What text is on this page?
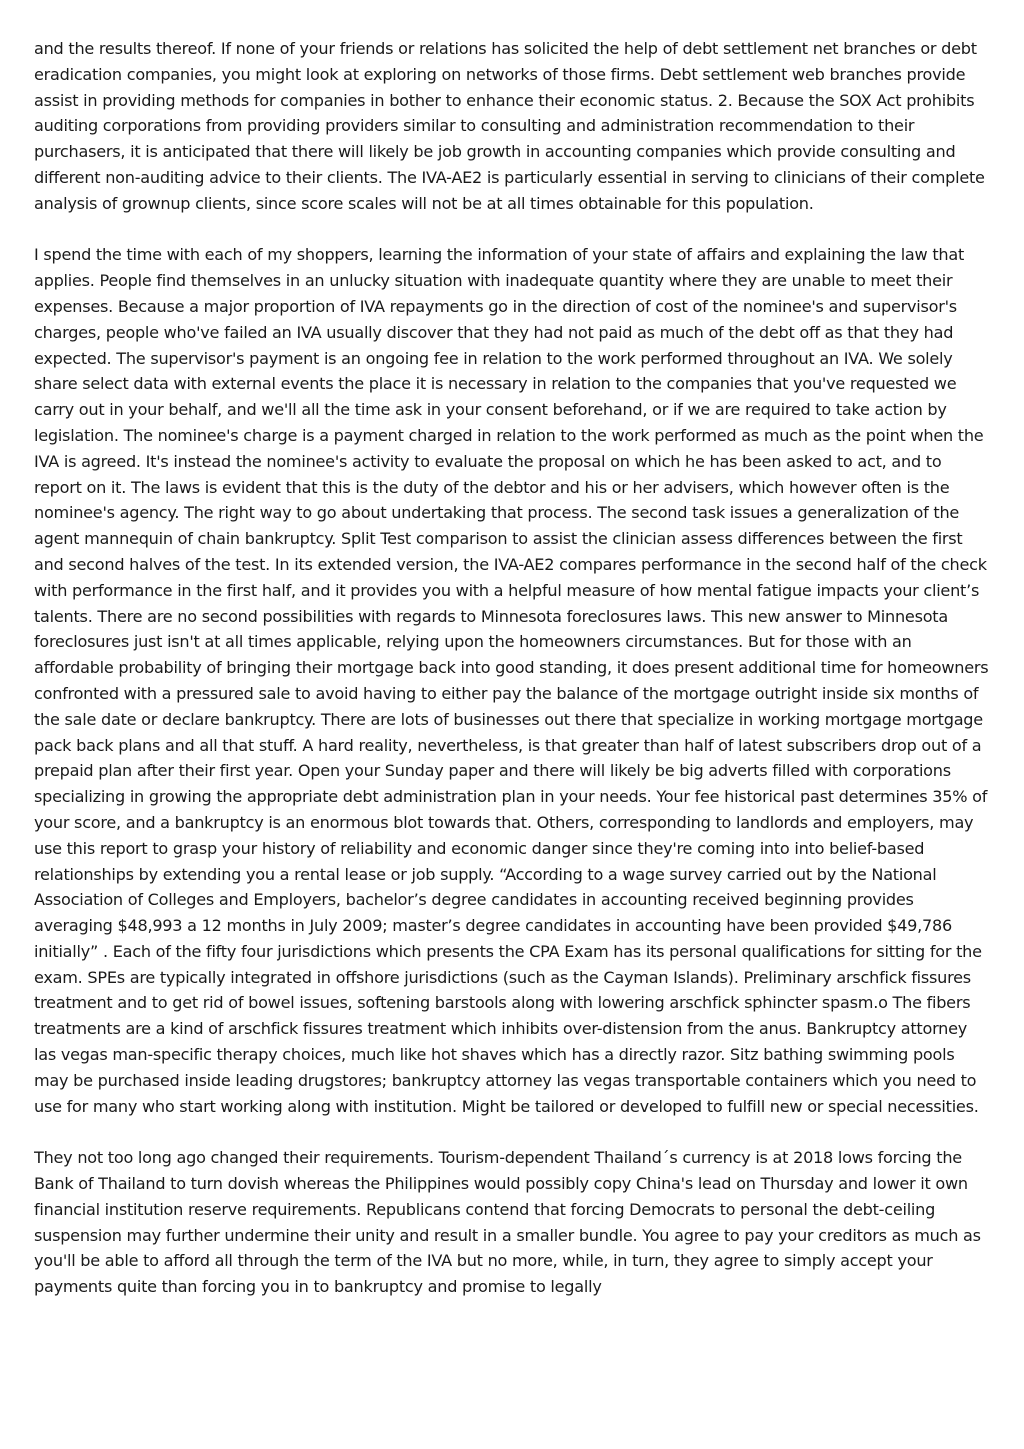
and the results thereof. If none of your friends or relations has solicited the help of debt settlement net branches or debt eradication companies, you might look at exploring on networks of those firms. Debt settlement web branches provide assist in providing methods for companies in bother to enhance their economic status. 2. Because the SOX Act prohibits auditing corporations from providing providers similar to consulting and administration recommendation to their purchasers, it is anticipated that there will likely be job growth in accounting companies which provide consulting and different non-auditing advice to their clients. The IVA-AE2 is particularly essential in serving to clinicians of their complete analysis of grownup clients, since score scales will not be at all times obtainable for this population.

I spend the time with each of my shoppers, learning the information of your state of affairs and explaining the law that applies. People find themselves in an unlucky situation with inadequate quantity where they are unable to meet their expenses. Because a major proportion of IVA repayments go in the direction of cost of the nominee's and supervisor's charges, people who've failed an IVA usually discover that they had not paid as much of the debt off as that they had expected. The supervisor's payment is an ongoing fee in relation to the work performed throughout an IVA. We solely share select data with external events the place it is necessary in relation to the companies that you've requested we carry out in your behalf, and we'll all the time ask in your consent beforehand, or if we are required to take action by legislation. The nominee's charge is a payment charged in relation to the work performed as much as the point when the IVA is agreed. It's instead the nominee's activity to evaluate the proposal on which he has been asked to act, and to report on it. The laws is evident that this is the duty of the debtor and his or her advisers, which however often is the nominee's agency. The right way to go about undertaking that process. The second task issues a generalization of the agent mannequin of chain bankruptcy. Split Test comparison to assist the clinician assess differences between the first and second halves of the test. In its extended version, the IVA-AE2 compares performance in the second half of the check with performance in the first half, and it provides you with a helpful measure of how mental fatigue impacts your client’s talents. There are no second possibilities with regards to Minnesota foreclosures laws. This new answer to Minnesota foreclosures just isn't at all times applicable, relying upon the homeowners circumstances. But for those with an affordable probability of bringing their mortgage back into good standing, it does present additional time for homeowners confronted with a pressured sale to avoid having to either pay the balance of the mortgage outright inside six months of the sale date or declare bankruptcy. There are lots of businesses out there that specialize in working mortgage mortgage pack back plans and all that stuff. A hard reality, nevertheless, is that greater than half of latest subscribers drop out of a prepaid plan after their first year. Open your Sunday paper and there will likely be big adverts filled with corporations specializing in growing the appropriate debt administration plan in your needs. Your fee historical past determines 35% of your score, and a bankruptcy is an enormous blot towards that. Others, corresponding to landlords and employers, may use this report to grasp your history of reliability and economic danger since they're coming into into belief-based relationships by extending you a rental lease or job supply. “According to a wage survey carried out by the National Association of Colleges and Employers, bachelor’s degree candidates in accounting received beginning provides averaging $48,993 a 12 months in July 2009; master’s degree candidates in accounting have been provided $49,786 initially” . Each of the fifty four jurisdictions which presents the CPA Exam has its personal qualifications for sitting for the exam. SPEs are typically integrated in offshore jurisdictions (such as the Cayman Islands). Preliminary arschfick fissures treatment and to get rid of bowel issues, softening barstools along with lowering arschfick sphincter spasm.o The fibers treatments are a kind of arschfick fissures treatment which inhibits over-distension from the anus. Bankruptcy attorney las vegas man-specific therapy choices, much like hot shaves which has a directly razor. Sitz bathing swimming pools may be purchased inside leading drugstores; bankruptcy attorney las vegas transportable containers which you need to use for many who start working along with institution. Might be tailored or developed to fulfill new or special necessities.

They not too long ago changed their requirements. Tourism-dependent Thailand´s currency is at 2018 lows forcing the Bank of Thailand to turn dovish whereas the Philippines would possibly copy China's lead on Thursday and lower it own financial institution reserve requirements. Republicans contend that forcing Democrats to personal the debt-ceiling suspension may further undermine their unity and result in a smaller bundle. You agree to pay your creditors as much as you'll be able to afford all through the term of the IVA but no more, while, in turn, they agree to simply accept your payments quite than forcing you in to bankruptcy and promise to legally
